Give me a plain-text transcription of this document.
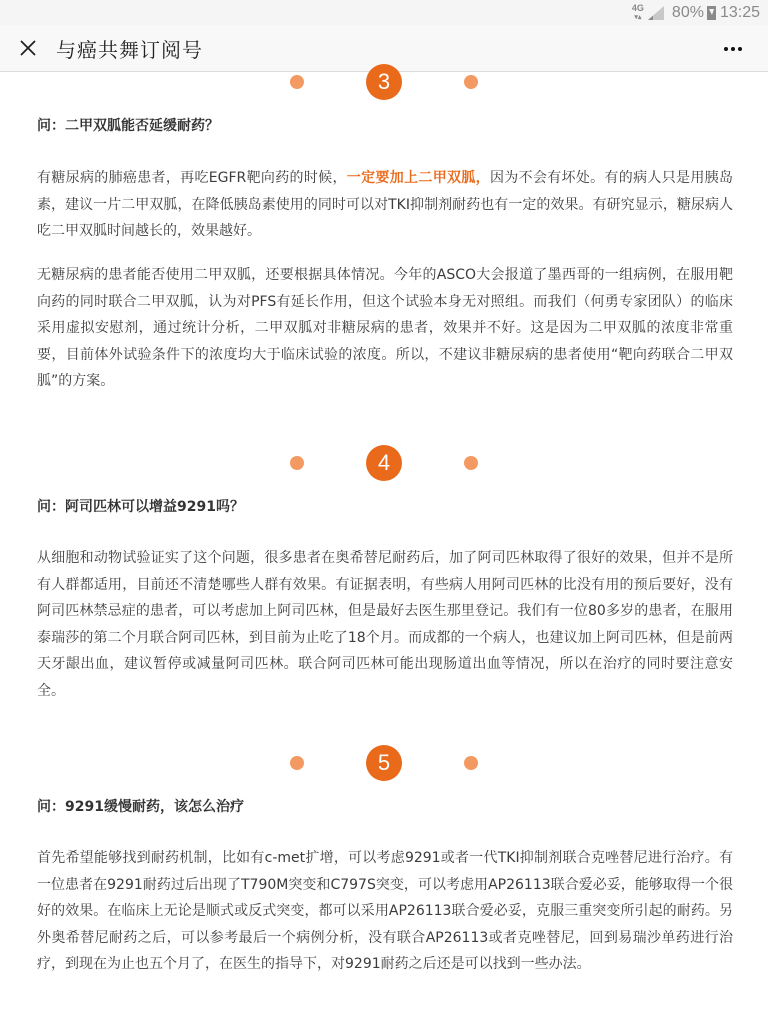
4G
▾▴ 80% 13:25
与癌共舞订阅号
3
问：二甲双胍能否延缓耐药？

有糖尿病的肺癌患者，再吃EGFR靶向药的时候，一定要加上二甲双胍，因为不会有坏处。有的病人只是用胰岛素，建议一片二甲双胍，在降低胰岛素使用的同时可以对TKI抑制剂耐药也有一定的效果。有研究显示，糖尿病人吃二甲双胍时间越长的，效果越好。

无糖尿病的患者能否使用二甲双胍，还要根据具体情况。今年的ASCO大会报道了墨西哥的一组病例，在服用靶向药的同时联合二甲双胍，认为对PFS有延长作用，但这个试验本身无对照组。而我们（何勇专家团队）的临床采用虚拟安慰剂，通过统计分析，二甲双胍对非糖尿病的患者，效果并不好。这是因为二甲双胍的浓度非常重要，目前体外试验条件下的浓度均大于临床试验的浓度。所以，不建议非糖尿病的患者使用“靶向药联合二甲双胍”的方案。

4
问：阿司匹林可以增益9291吗？

从细胞和动物试验证实了这个问题，很多患者在奥希替尼耐药后，加了阿司匹林取得了很好的效果，但并不是所有人群都适用，目前还不清楚哪些人群有效果。有证据表明，有些病人用阿司匹林的比没有用的预后要好，没有阿司匹林禁忌症的患者，可以考虑加上阿司匹林，但是最好去医生那里登记。我们有一位80多岁的患者，在服用泰瑞莎的第二个月联合阿司匹林，到目前为止吃了18个月。而成都的一个病人，也建议加上阿司匹林，但是前两天牙龈出血，建议暂停或减量阿司匹林。联合阿司匹林可能出现肠道出血等情况，所以在治疗的同时要注意安全。

5
问：9291缓慢耐药，该怎么治疗

首先希望能够找到耐药机制，比如有c-met扩增，可以考虑9291或者一代TKI抑制剂联合克唑替尼进行治疗。有一位患者在9291耐药过后出现了T790M突变和C797S突变，可以考虑用AP26113联合爱必妥，能够取得一个很好的效果。在临床上无论是顺式或反式突变，都可以采用AP26113联合爱必妥，克服三重突变所引起的耐药。另外奥希替尼耐药之后，可以参考最后一个病例分析，没有联合AP26113或者克唑替尼，回到易瑞沙单药进行治疗，到现在为止也五个月了，在医生的指导下，对9291耐药之后还是可以找到一些办法。
